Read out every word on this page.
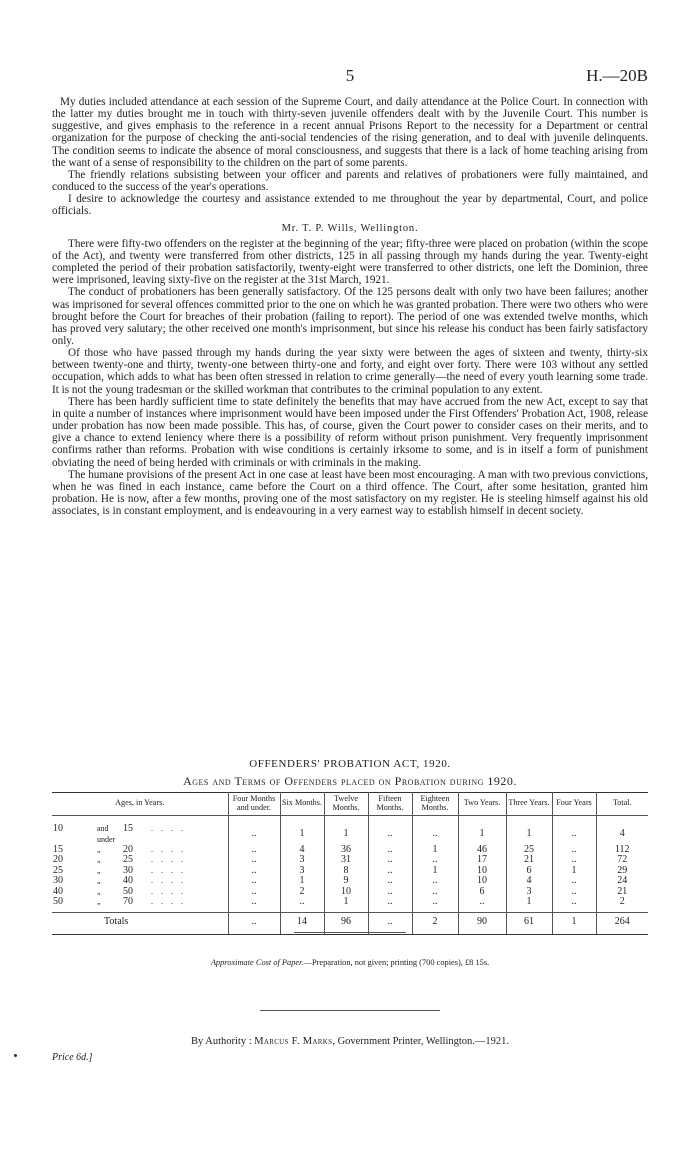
5	H.—20B

My duties included attendance at each session of the Supreme Court, and daily attendance at the Police Court. In connection with the latter my duties brought me in touch with thirty-seven juvenile offenders dealt with by the Juvenile Court. This number is suggestive, and gives emphasis to the reference in a recent annual Prisons Report to the necessity for a Department or central organization for the purpose of checking the anti-social tendencies of the rising generation, and to deal with juvenile delinquents. The condition seems to indicate the absence of moral consciousness, and suggests that there is a lack of home teaching arising from the want of a sense of responsibility to the children on the part of some parents.

The friendly relations subsisting between your officer and parents and relatives of probationers were fully maintained, and conduced to the success of the year's operations.

I desire to acknowledge the courtesy and assistance extended to me throughout the year by departmental, Court, and police officials.

Mr. T. P. Wills, Wellington.

There were fifty-two offenders on the register at the beginning of the year; fifty-three were placed on probation (within the scope of the Act), and twenty were transferred from other districts, 125 in all passing through my hands during the year. Twenty-eight completed the period of their probation satisfactorily, twenty-eight were transferred to other districts, one left the Dominion, three were imprisoned, leaving sixty-five on the register at the 31st March, 1921.

The conduct of probationers has been generally satisfactory. Of the 125 persons dealt with only two have been failures; another was imprisoned for several offences committed prior to the one on which he was granted probation. There were two others who were brought before the Court for breaches of their probation (failing to report). The period of one was extended twelve months, which has proved very salutary; the other received one month's imprisonment, but since his release his conduct has been fairly satisfactory only.

Of those who have passed through my hands during the year sixty were between the ages of sixteen and twenty, thirty-six between twenty-one and thirty, twenty-one between thirty-one and forty, and eight over forty. There were 103 without any settled occupation, which adds to what has been often stressed in relation to crime generally—the need of every youth learning some trade. It is not the young tradesman or the skilled workman that contributes to the criminal population to any extent.

There has been hardly sufficient time to state definitely the benefits that may have accrued from the new Act, except to say that in quite a number of instances where imprisonment would have been imposed under the First Offenders' Probation Act, 1908, release under probation has now been made possible. This has, of course, given the Court power to consider cases on their merits, and to give a chance to extend leniency where there is a possibility of reform without prison punishment. Very frequently imprisonment confirms rather than reforms. Probation with wise conditions is certainly irksome to some, and is in itself a form of punishment obviating the need of being herded with criminals or with criminals in the making.

The humane provisions of the present Act in one case at least have been most encouraging. A man with two previous convictions, when he was fined in each instance, came before the Court on a third offence. The Court, after some hesitation, granted him probation. He is now, after a few months, proving one of the most satisfactory on my register. He is steeling himself against his old associates, is in constant employment, and is endeavouring in a very earnest way to establish himself in decent society.

OFFENDERS' PROBATION ACT, 1920.
Ages and Terms of Offenders placed on Probation during 1920.
Ages, in Years.	Four Months and under.	Six Months.	Twelve Months.	Fifteen Months.	Eighteen Months.	Two Years.	Three Years.	Four Years	Total.

10 and under
15 . . . .	..	1	1	..	..	1	1	..	4

15 „ 20 . . . .	..	4	36	..	1	46	25	..	112

20 „ 25 . . . .	..	3	31	..	..	17	21	..	72

25 „ 30 . . . .	..	3	8	..	1	10	6	1	29

30 „ 40 . . . .	..	1	9	..	..	10	4	..	24

40 „ 50 . . . .	..	2	10	..	..	6	3	..	21

50 „ 70 . . . .	..	..	1	..	..	..	1	..	2
Totals	..	14	96	..	2	90	61	1	264
Approximate Cost of Paper.—Preparation, not given; printing (700 copies), £8 15s.
By Authority : Marcus F. Marks, Government Printer, Wellington.—1921.
Price 6d.]
